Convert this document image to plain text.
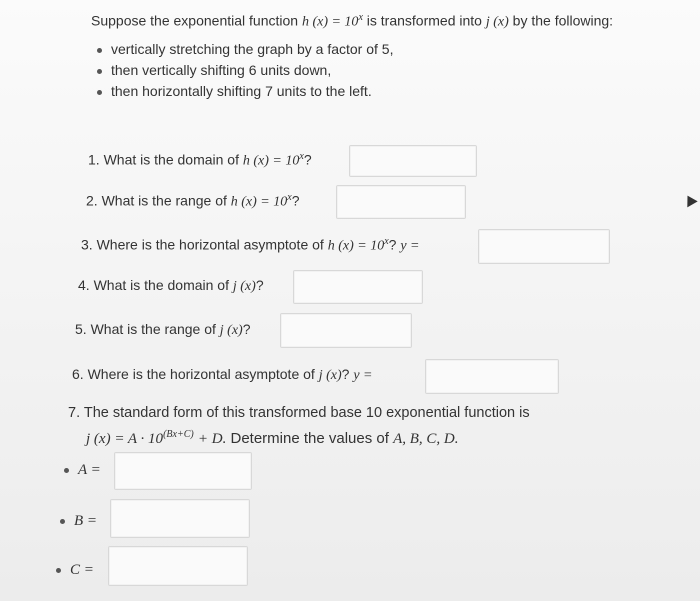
Suppose the exponential function h $(x) = 10^x$ is transformed into j (x) by the following:
vertically stretching the graph by a factor of 5,
then vertically shifting 6 units down,
then horizontally shifting 7 units to the left.
1. What is the domain of h $(x) = 10^x$?
2. What is the range of h $(x) = 10^x$?
3. Where is the horizontal asymptote of h $(x) = 10^x$? y =
4. What is the domain of j (x)?
5. What is the range of j (x)?
6. Where is the horizontal asymptote of j (x)? y =
7. The standard form of this transformed base 10 exponential function is
j $(x) = A \cdot 10^{(Bx+C)} + D$. Determine the values of A, B, C, D.
A =
B =
C =
